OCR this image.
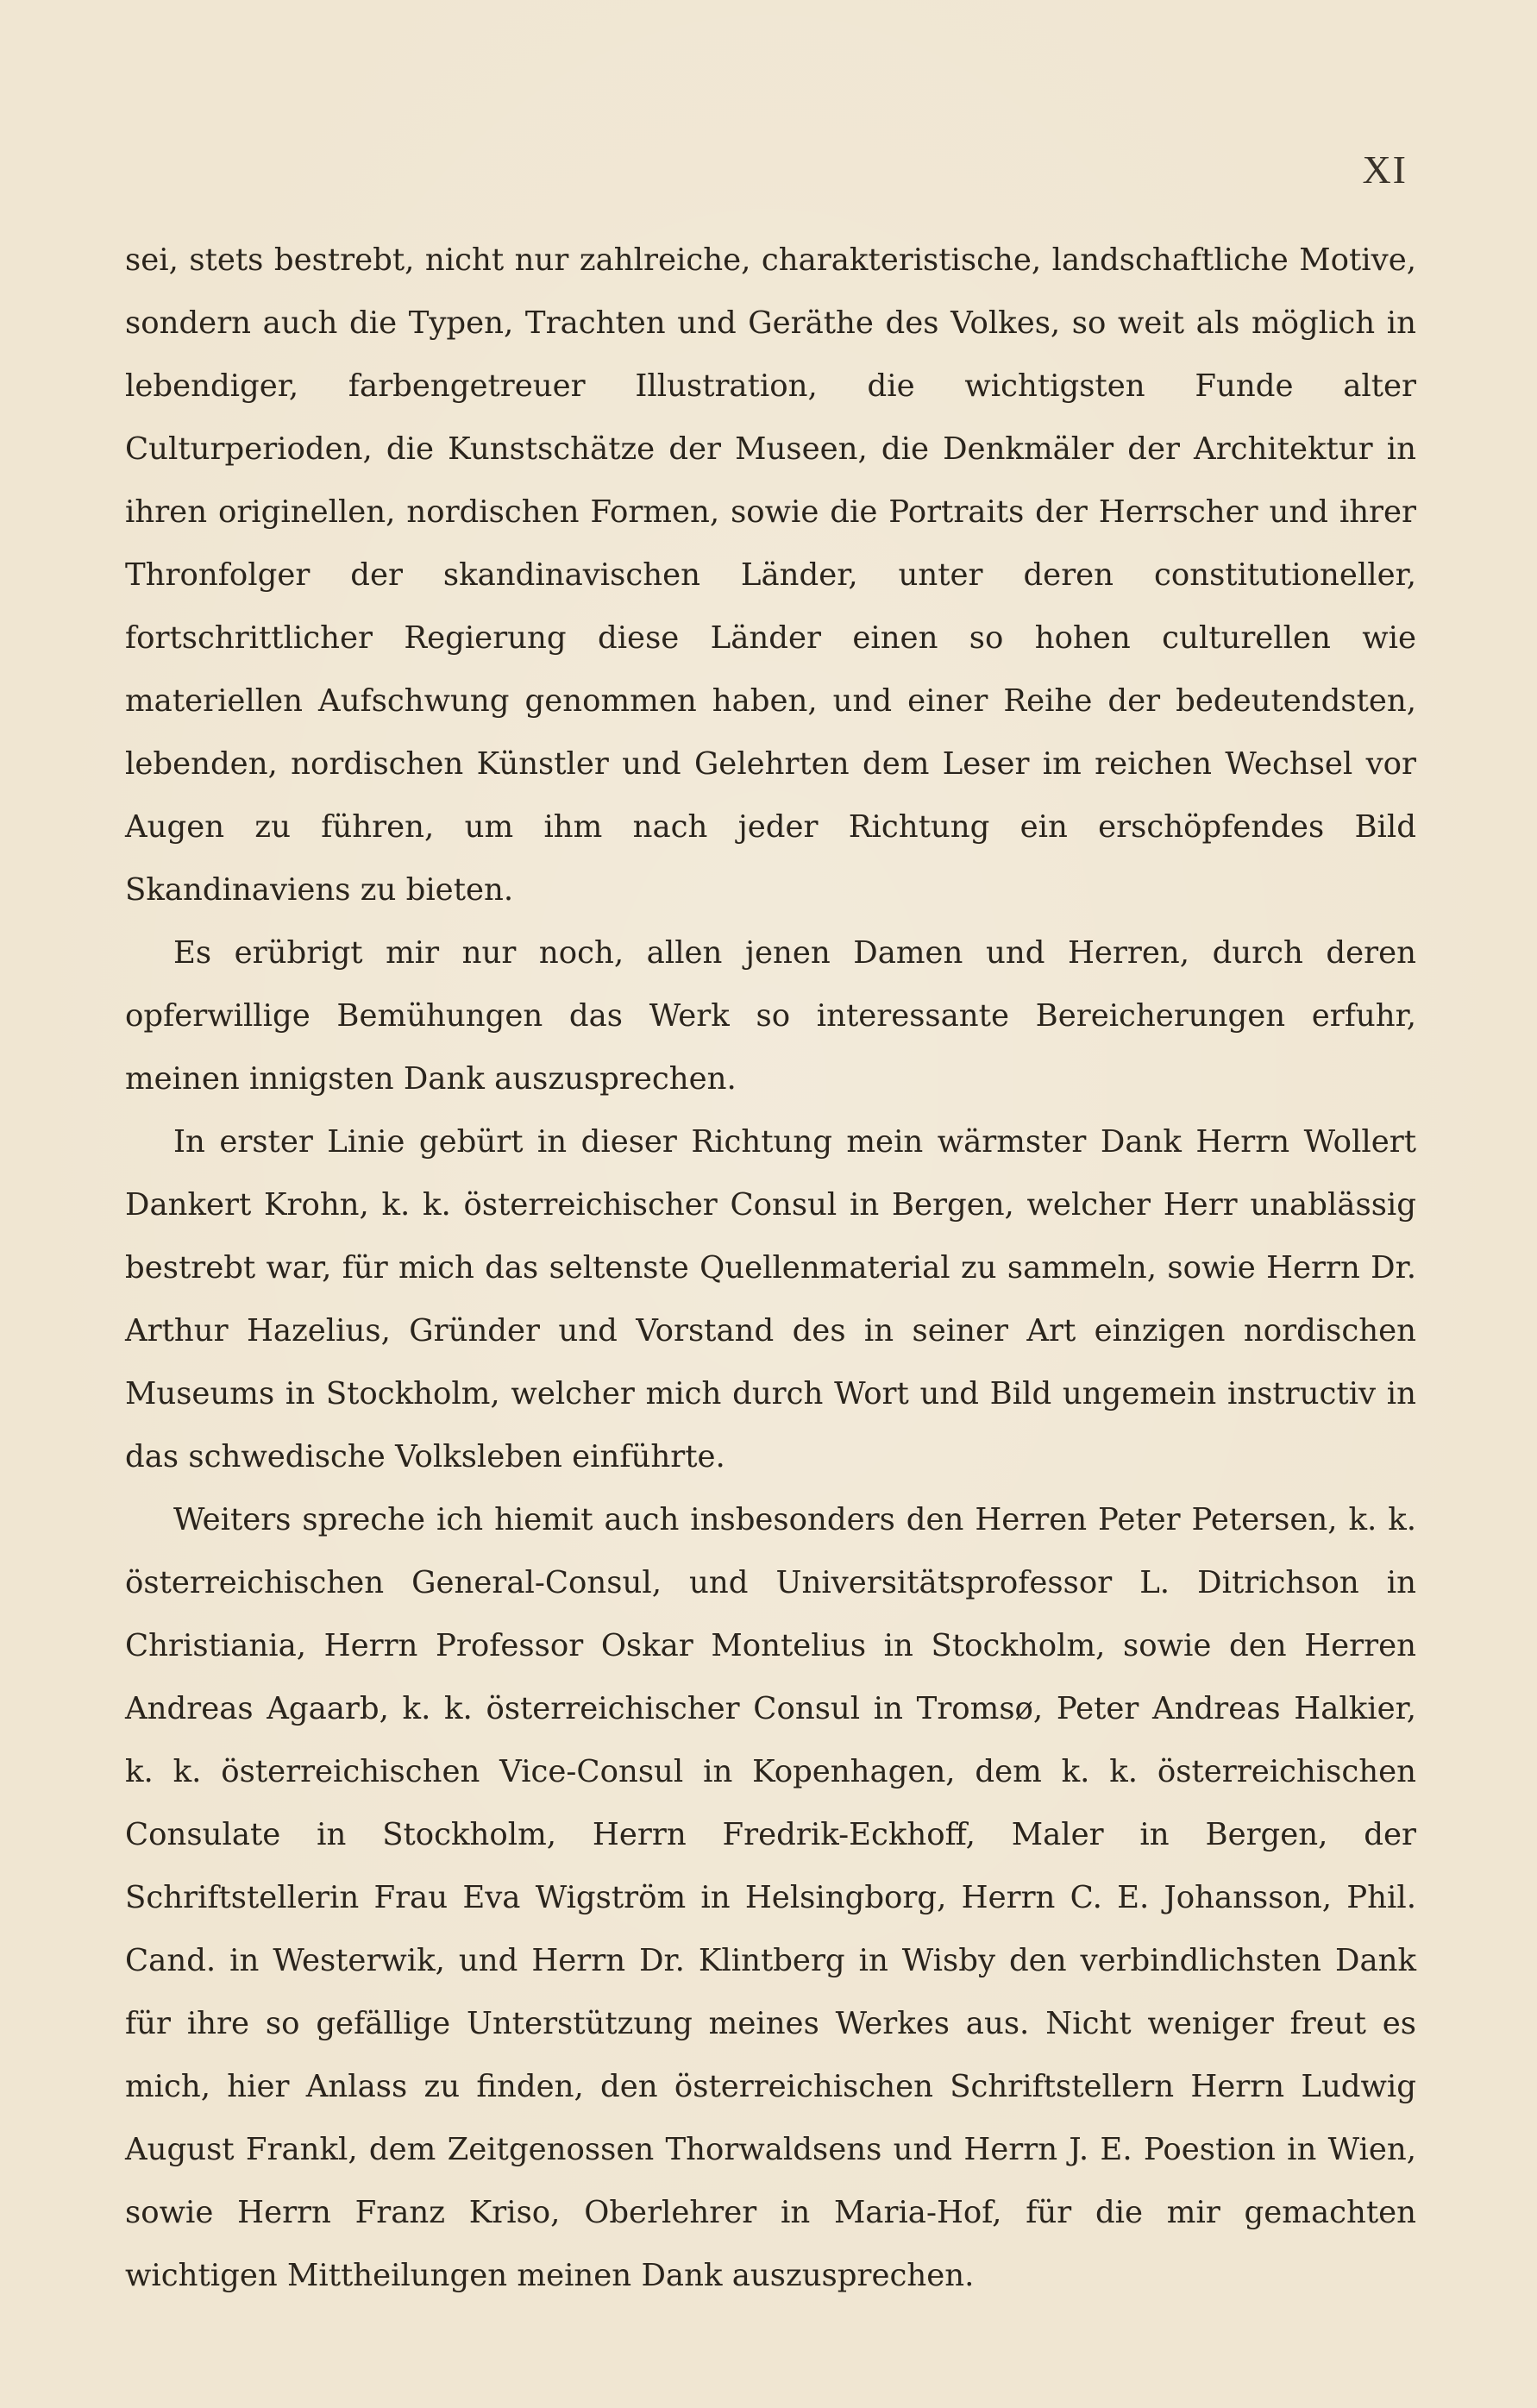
XI

sei, stets bestrebt, nicht nur zahlreiche, charakteristische, landschaftliche Motive, sondern auch die Typen, Trachten und Geräthe des Volkes, so weit als möglich in lebendiger, farbengetreuer Illustration, die wichtigsten Funde alter Culturperioden, die Kunstschätze der Museen, die Denkmäler der Architektur in ihren originellen, nordischen Formen, sowie die Portraits der Herrscher und ihrer Thronfolger der skandinavischen Länder, unter deren constitutioneller, fortschrittlicher Regierung diese Länder einen so hohen culturellen wie materiellen Aufschwung genommen haben, und einer Reihe der bedeutendsten, lebenden, nordischen Künstler und Gelehrten dem Leser im reichen Wechsel vor Augen zu führen, um ihm nach jeder Richtung ein erschöpfendes Bild Skandinaviens zu bieten.

Es erübrigt mir nur noch, allen jenen Damen und Herren, durch deren opferwillige Bemühungen das Werk so interessante Bereicherungen erfuhr, meinen innigsten Dank auszusprechen.

In erster Linie gebürt in dieser Richtung mein wärmster Dank Herrn Wollert Dankert Krohn, k. k. österreichischer Consul in Bergen, welcher Herr unablässig bestrebt war, für mich das seltenste Quellenmaterial zu sammeln, sowie Herrn Dr. Arthur Hazelius, Gründer und Vorstand des in seiner Art einzigen nordischen Museums in Stockholm, welcher mich durch Wort und Bild ungemein instructiv in das schwedische Volksleben einführte.

Weiters spreche ich hiemit auch insbesonders den Herren Peter Petersen, k. k. österreichischen General-Consul, und Universitätsprofessor L. Ditrichson in Christiania, Herrn Professor Oskar Montelius in Stockholm, sowie den Herren Andreas Agaarb, k. k. österreichischer Consul in Tromsø, Peter Andreas Halkier, k. k. österreichischen Vice-Consul in Kopenhagen, dem k. k. österreichischen Consulate in Stockholm, Herrn Fredrik-Eckhoff, Maler in Bergen, der Schriftstellerin Frau Eva Wigström in Helsingborg, Herrn C. E. Johansson, Phil. Cand. in Westerwik, und Herrn Dr. Klintberg in Wisby den verbindlichsten Dank für ihre so gefällige Unterstützung meines Werkes aus. Nicht weniger freut es mich, hier Anlass zu finden, den österreichischen Schriftstellern Herrn Ludwig August Frankl, dem Zeitgenossen Thorwaldsens und Herrn J. E. Poestion in Wien, sowie Herrn Franz Kriso, Oberlehrer in Maria-Hof, für die mir gemachten wichtigen Mittheilungen meinen Dank auszusprechen.
